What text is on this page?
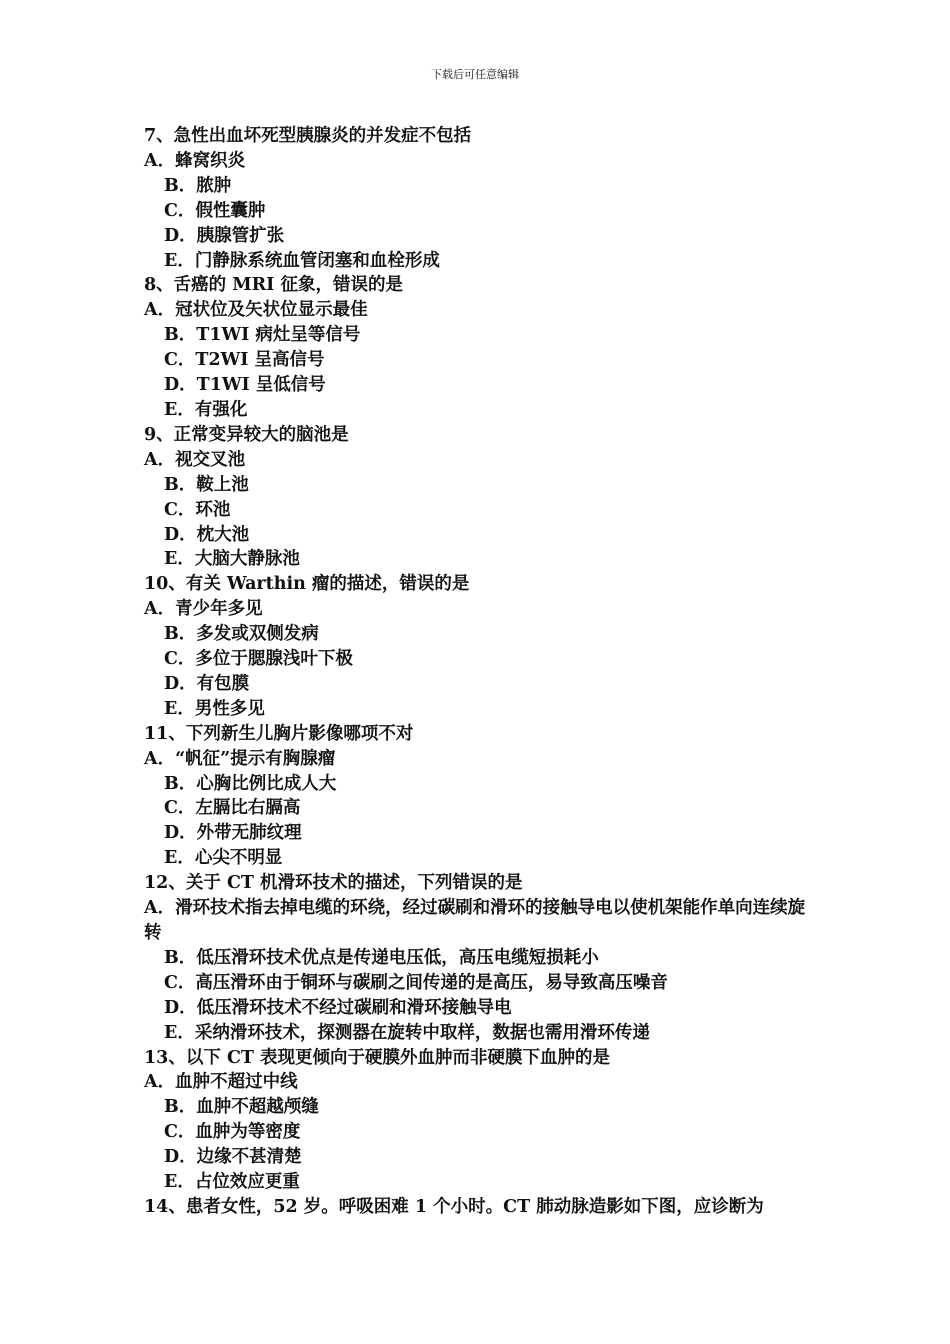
下载后可任意编辑

7、急性出血坏死型胰腺炎的并发症不包括

A．蜂窝织炎

B．脓肿

C．假性囊肿

D．胰腺管扩张

E．门静脉系统血管闭塞和血栓形成

8、舌癌的 MRI 征象，错误的是

A．冠状位及矢状位显示最佳

B．T1WI 病灶呈等信号

C．T2WI 呈高信号

D．T1WI 呈低信号

E．有强化

9、正常变异较大的脑池是

A．视交叉池

B．鞍上池

C．环池

D．枕大池

E．大脑大静脉池

10、有关 Warthin 瘤的描述，错误的是

A．青少年多见

B．多发或双侧发病

C．多位于腮腺浅叶下极

D．有包膜

E．男性多见

11、下列新生儿胸片影像哪项不对

A．“帆征”提示有胸腺瘤

B．心胸比例比成人大

C．左膈比右膈高

D．外带无肺纹理

E．心尖不明显

12、关于 CT 机滑环技术的描述，下列错误的是

A．滑环技术指去掉电缆的环绕，经过碳刷和滑环的接触导电以使机架能作单向连续旋转

B．低压滑环技术优点是传递电压低，高压电缆短损耗小

C．高压滑环由于铜环与碳刷之间传递的是高压，易导致高压噪音

D．低压滑环技术不经过碳刷和滑环接触导电

E．采纳滑环技术，探测器在旋转中取样，数据也需用滑环传递

13、以下 CT 表现更倾向于硬膜外血肿而非硬膜下血肿的是

A．血肿不超过中线

B．血肿不超越颅缝

C．血肿为等密度

D．边缘不甚清楚

E．占位效应更重

14、患者女性，52 岁。呼吸困难 1 个小时。CT 肺动脉造影如下图，应诊断为
